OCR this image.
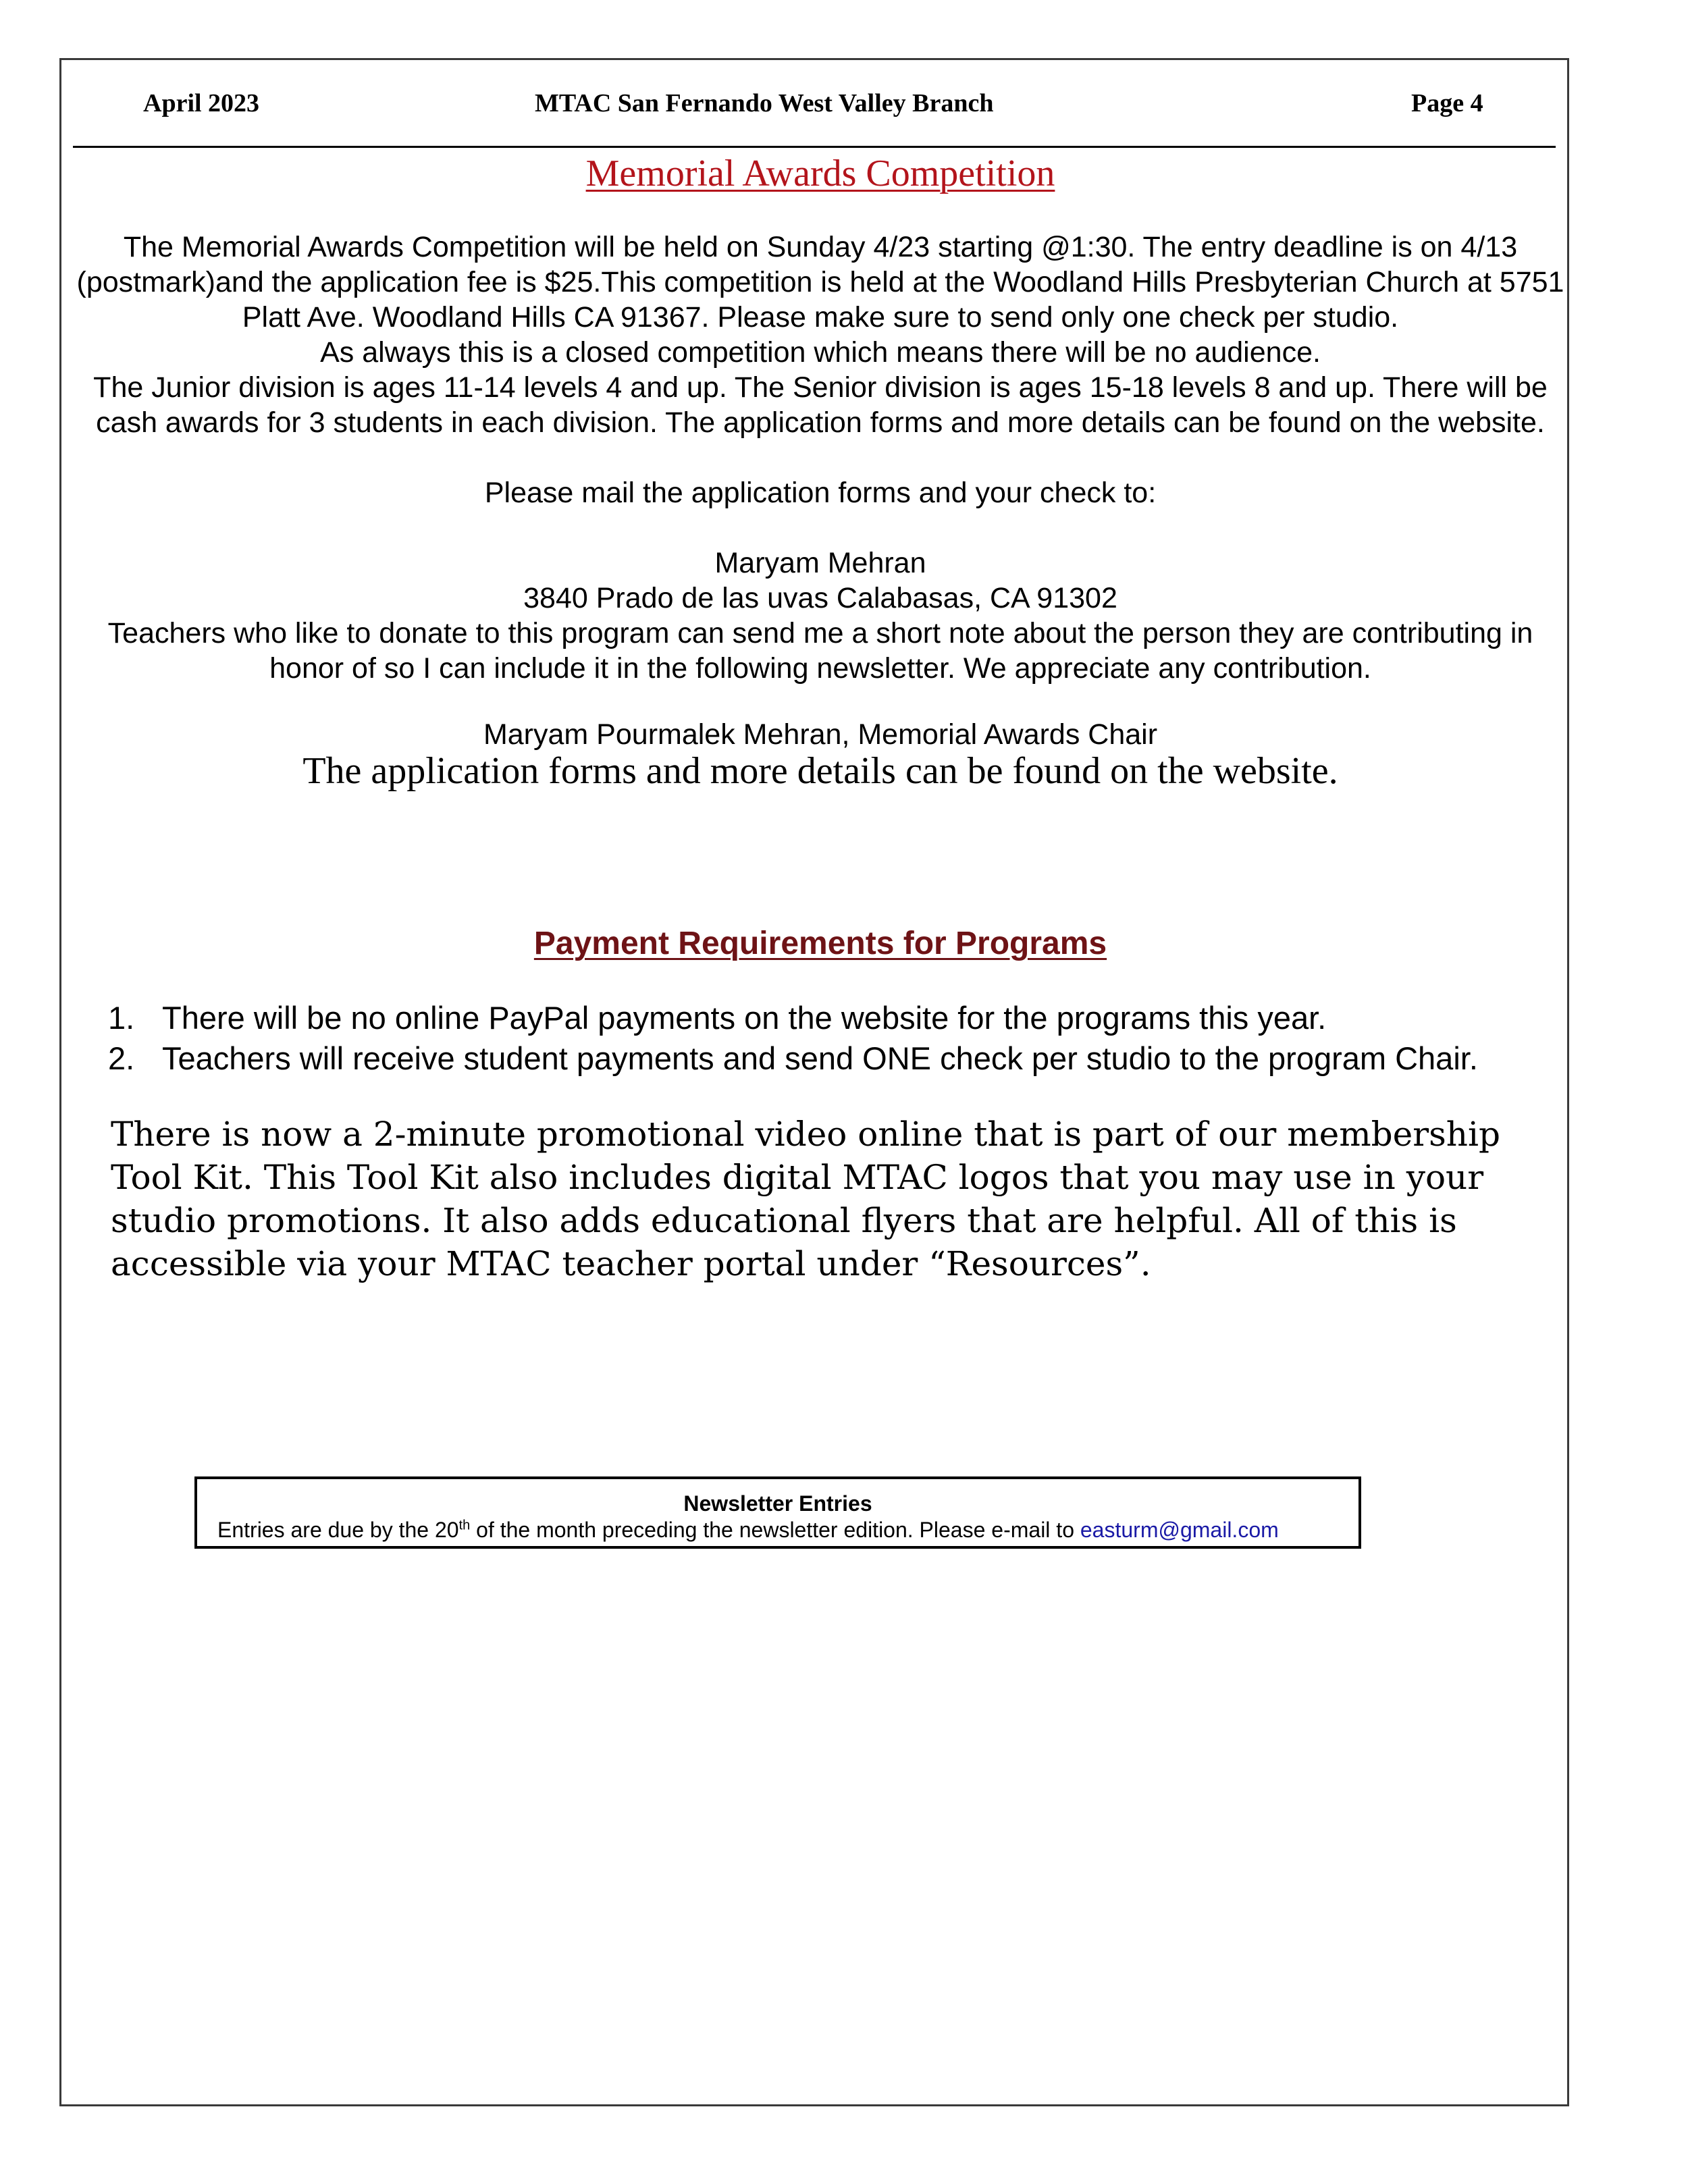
April 2023	MTAC San Fernando West Valley Branch	Page 4
Memorial Awards Competition
The Memorial Awards Competition will be held on Sunday 4/23 starting @1:30. The entry deadline is on 4/13 (postmark)and the application fee is $25.This competition is held at the Woodland Hills Presbyterian Church at 5751 Platt Ave. Woodland Hills CA 91367. Please make sure to send only one check per studio.
As always this is a closed competition which means there will be no audience.
The Junior division is ages 11-14 levels 4 and up. The Senior division is ages 15-18 levels 8 and up. There will be cash awards for 3 students in each division. The application forms and more details can be found on the website.
Please mail the application forms and your check to:
Maryam Mehran
3840 Prado de las uvas Calabasas, CA 91302
Teachers who like to donate to this program can send me a short note about the person they are contributing in honor of so I can include it in the following newsletter. We appreciate any contribution.
Maryam Pourmalek Mehran, Memorial Awards Chair
The application forms and more details can be found on the website.
Payment Requirements for Programs
1. There will be no online PayPal payments on the website for the programs this year.
2. Teachers will receive student payments and send ONE check per studio to the program Chair.
There is now a 2-minute promotional video online that is part of our membership Tool Kit. This Tool Kit also includes digital MTAC logos that you may use in your studio promotions. It also adds educational flyers that are helpful. All of this is accessible via your MTAC teacher portal under “Resources”.
Newsletter Entries
Entries are due by the 20th of the month preceding the newsletter edition. Please e-mail to easturm@gmail.com
